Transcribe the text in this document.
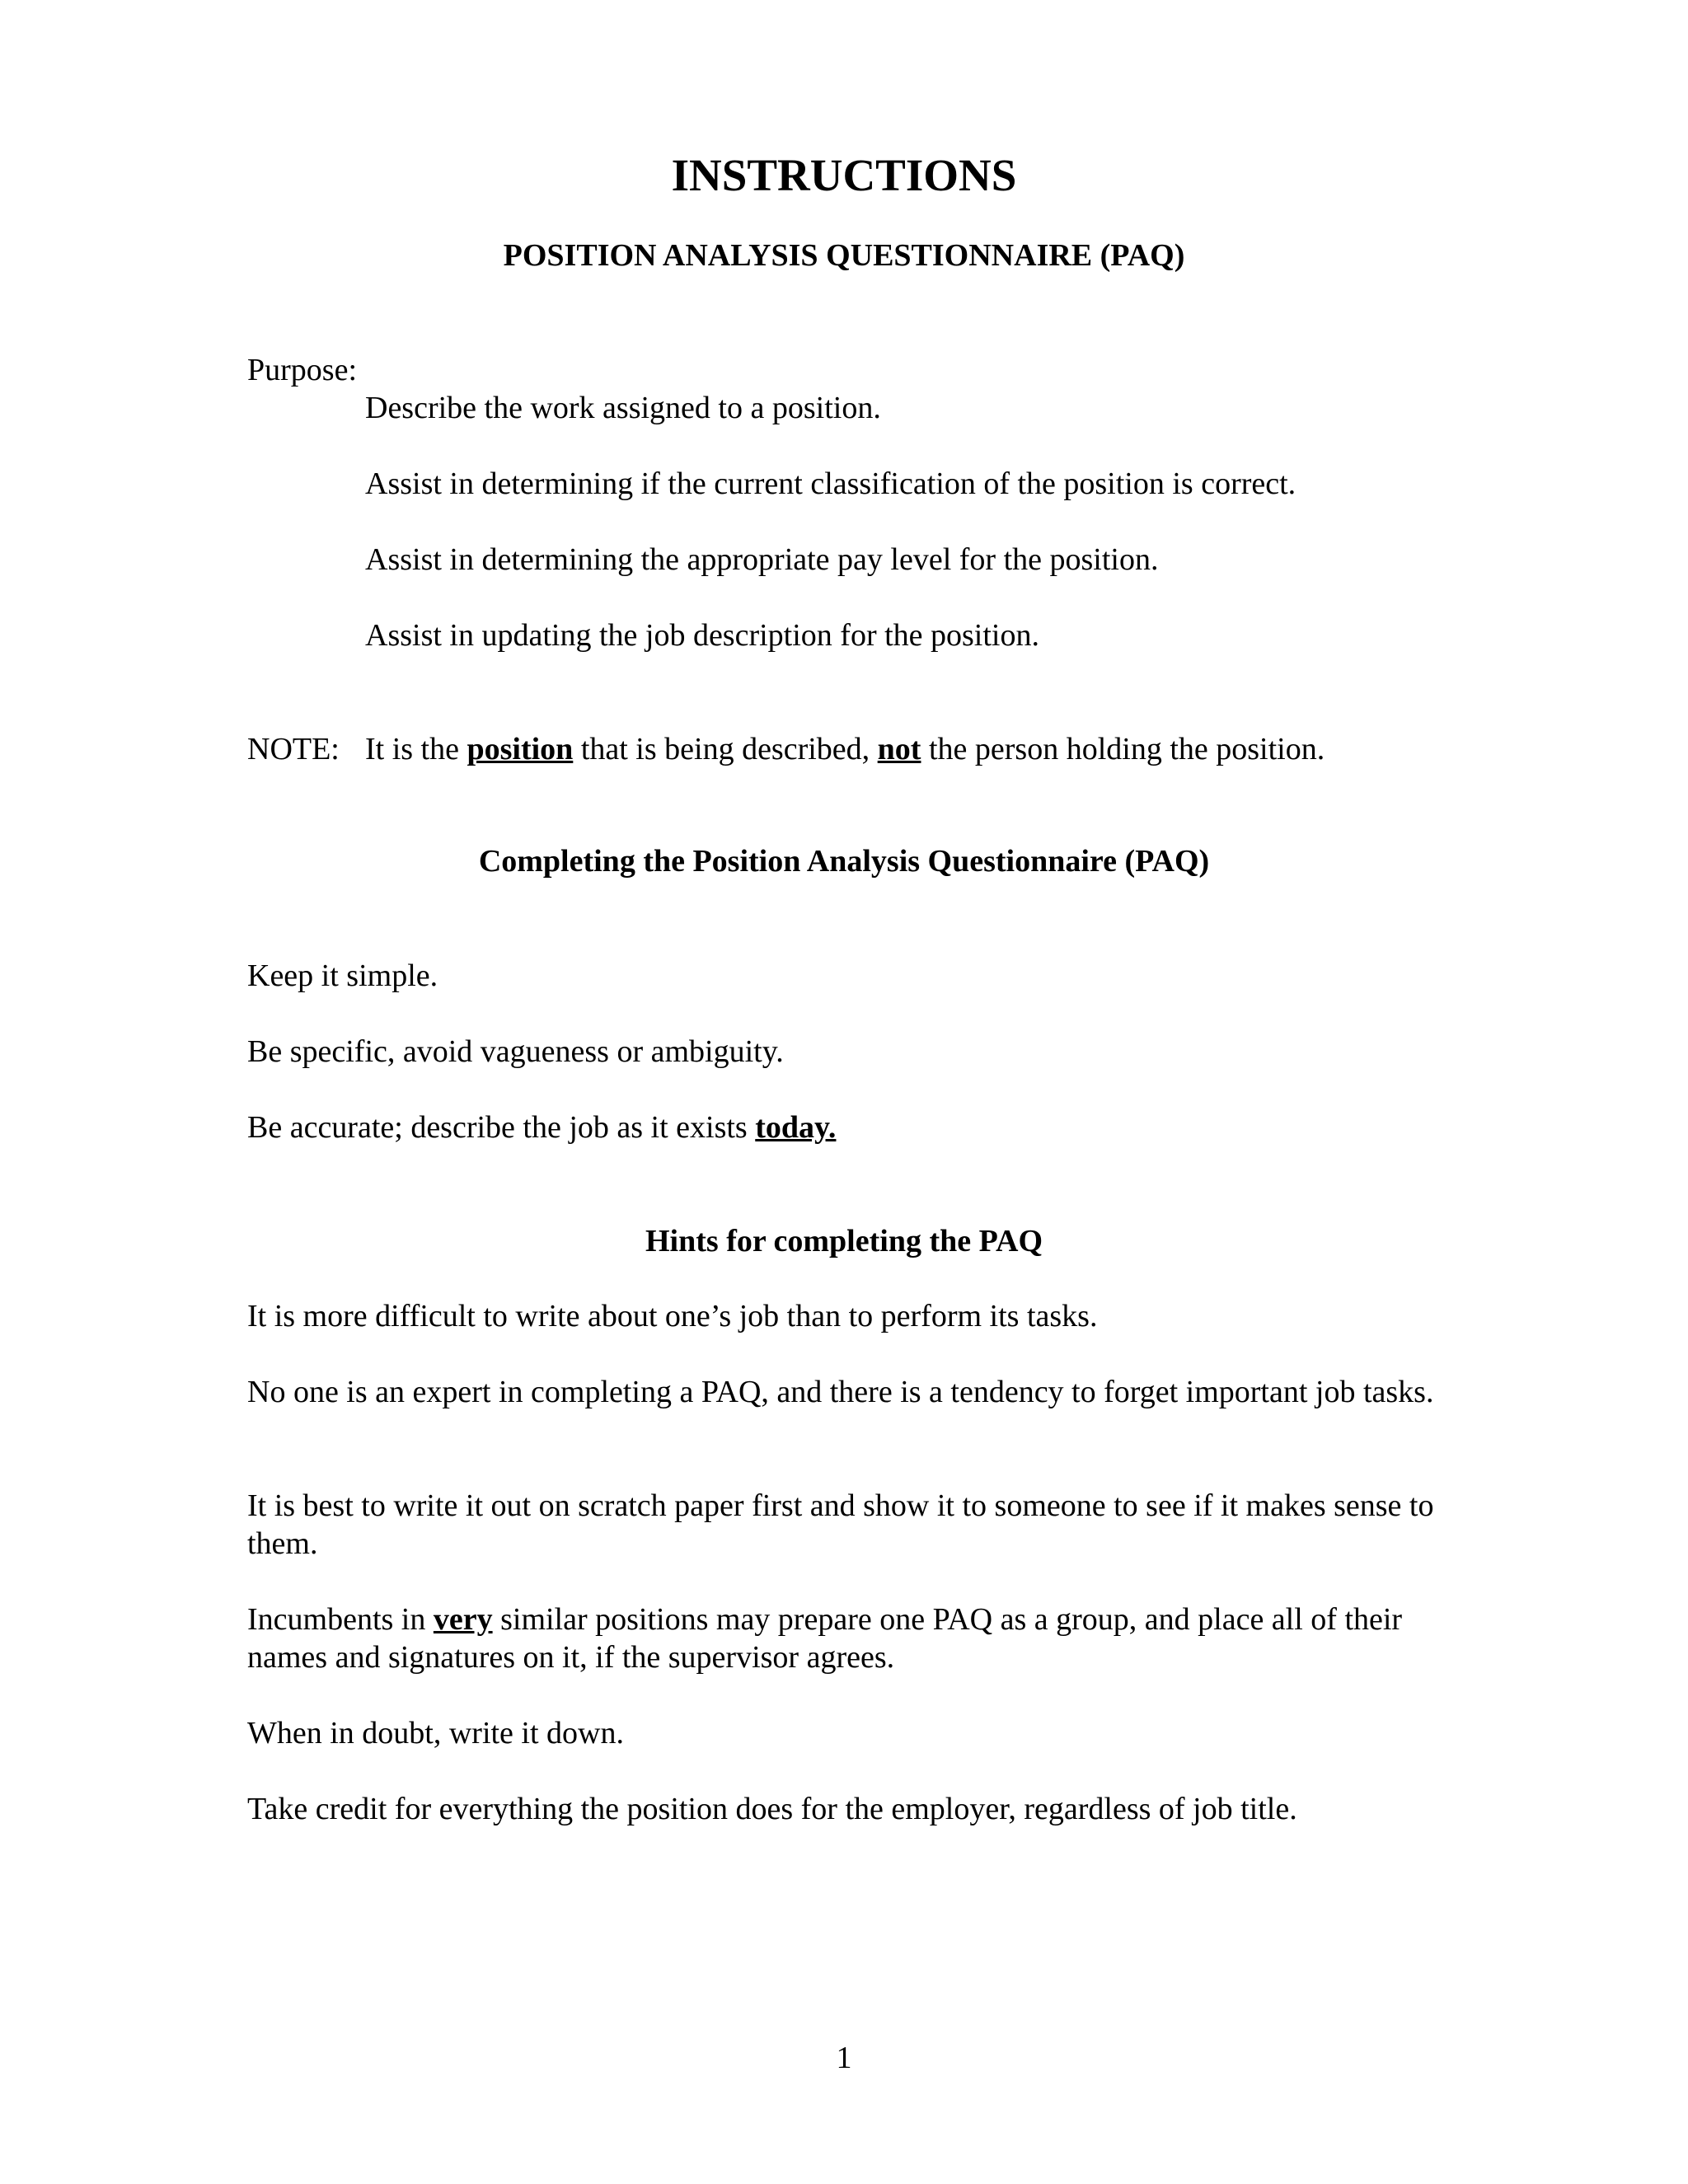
INSTRUCTIONS
POSITION ANALYSIS QUESTIONNAIRE (PAQ)
Purpose:
Describe the work assigned to a position.
Assist in determining if the current classification of the position is correct.
Assist in determining the appropriate pay level for the position.
Assist in updating the job description for the position.
NOTE: It is the position that is being described, not the person holding the position.
Completing the Position Analysis Questionnaire (PAQ)
Keep it simple.
Be specific, avoid vagueness or ambiguity.
Be accurate; describe the job as it exists today.
Hints for completing the PAQ
It is more difficult to write about one’s job than to perform its tasks.
No one is an expert in completing a PAQ, and there is a tendency to forget important job tasks.
It is best to write it out on scratch paper first and show it to someone to see if it makes sense to them.
Incumbents in very similar positions may prepare one PAQ as a group, and place all of their names and signatures on it, if the supervisor agrees.
When in doubt, write it down.
Take credit for everything the position does for the employer, regardless of job title.
1
